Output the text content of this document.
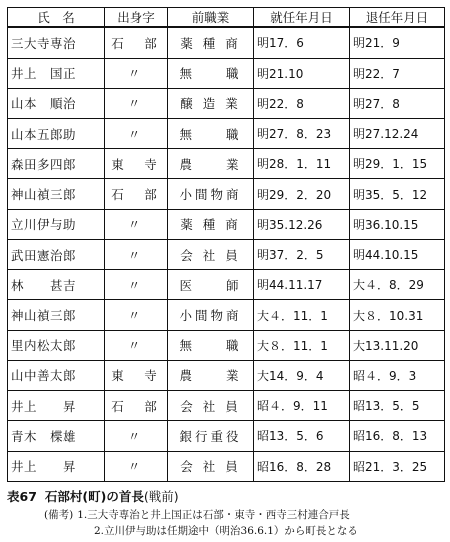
氏　名	出身字	前職業	就任年月日	退任年月日
三大寺専治	石　部	薬 種 商	明17．6	明21．9
井上　国正	〃	無　　職	明21.10	明22．7
山本　順治	〃	醸 造 業	明22．8	明27．8
山本五郎助	〃	無　　職	明27．8．23	明27.12.24
森田多四郎	東　寺	農　　業	明28．1．11	明29．1．15
神山禎三郎	石　部	小間物商	明29．2．20	明35．5．12
立川伊与助	〃	薬 種 商	明35.12.26	明36.10.15
武田憲治郎	〃	会 社 員	明37．2．5	明44.10.15
林　　甚吉	〃	医　　師	明44.11.17	大４．8．29
神山禎三郎	〃	小間物商	大４．11．1	大８．10.31
里内松太郎	〃	無　　職	大８．11．1	大13.11.20
山中善太郎	東　寺	農　　業	大14．9．4	昭４．9．3
井上　　昇	石　部	会 社 員	昭４．9．11	昭13．5．5
青木　楪雄	〃	銀行重役	昭13．5．6	昭16．8．13
井上　　昇	〃	会 社 員	昭16．8．28	昭21．3．25
表67 石部村(町)の首長(戦前)
(備考) 1.三大寺専治と井上国正は石部・東寺・西寺三村連合戸長
2.立川伊与助は任期途中（明治36.6.1）から町長となる
